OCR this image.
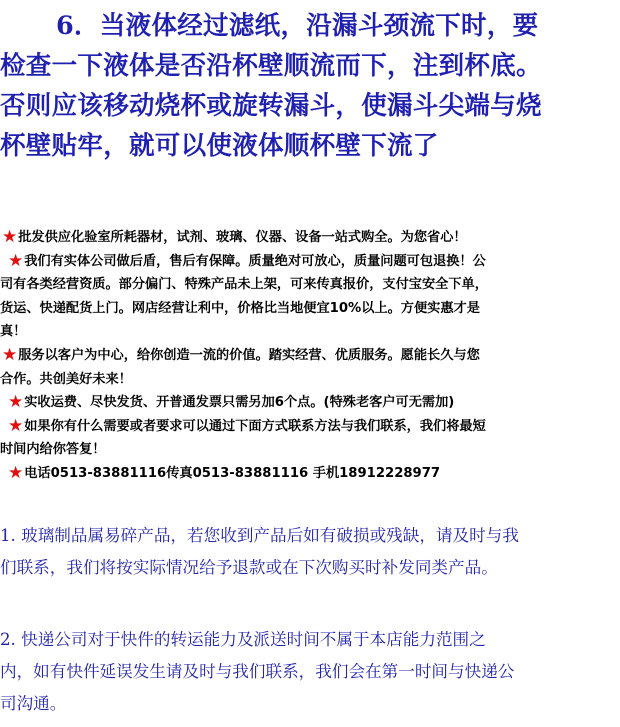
6．当液体经过滤纸，沿漏斗颈流下时，要
检查一下液体是否沿杯壁顺流而下，注到杯底。
否则应该移动烧杯或旋转漏斗，使漏斗尖端与烧
杯壁贴牢，就可以使液体顺杯壁下流了

★批发供应化验室所耗器材，试剂、玻璃、仪器、设备一站式购全。为您省心！

★我们有实体公司做后盾，售后有保障。质量绝对可放心，质量问题可包退换！公
司有各类经营资质。部分偏门、特殊产品未上架，可来传真报价，支付宝安全下单，
货运、快递配货上门。网店经营让利中，价格比当地便宜10%以上。方便实惠才是
真！

★服务以客户为中心，给你创造一流的价值。踏实经营、优质服务。愿能长久与您
合作。共创美好未来！

★实收运费、尽快发货、开普通发票只需另加6个点。(特殊老客户可无需加)

★如果你有什么需要或者要求可以通过下面方式联系方法与我们联系，我们将最短
时间内给你答复！

★电话0513-83881116传真0513-83881116 手机18912228977

1. 玻璃制品属易碎产品，若您收到产品后如有破损或残缺，请及时与我
们联系，我们将按实际情况给予退款或在下次购买时补发同类产品。

2. 快递公司对于快件的转运能力及派送时间不属于本店能力范围之
内，如有快件延误发生请及时与我们联系，我们会在第一时间与快递公
司沟通。
